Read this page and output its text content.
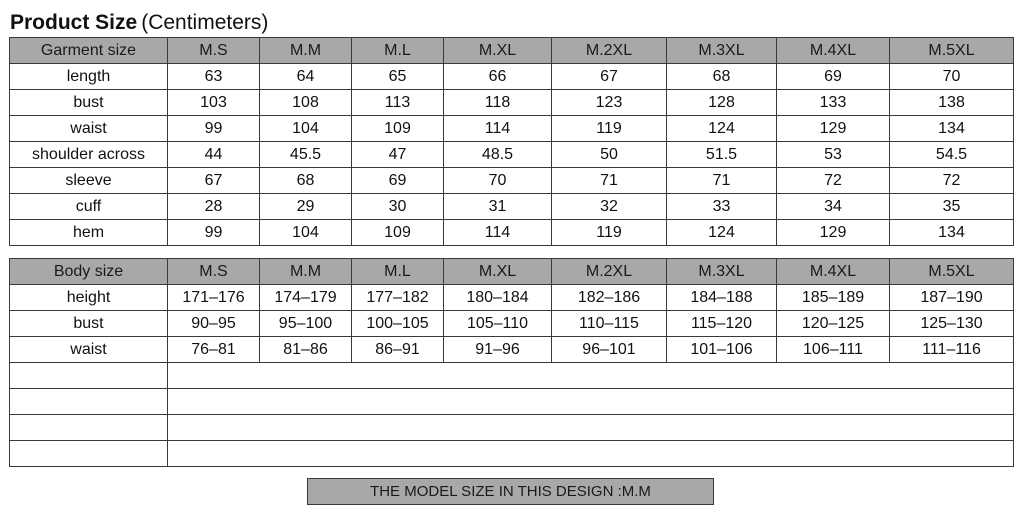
Product Size (Centimeters)
Garment size	M.S	M.M	M.L	M.XL	M.2XL	M.3XL	M.4XL	M.5XL
length	63	64	65	66	67	68	69	70
bust	103	108	113	118	123	128	133	138
waist	99	104	109	114	119	124	129	134
shoulder across	44	45.5	47	48.5	50	51.5	53	54.5
sleeve	67	68	69	70	71	71	72	72
cuff	28	29	30	31	32	33	34	35
hem	99	104	109	114	119	124	129	134
Body size	M.S	M.M	M.L	M.XL	M.2XL	M.3XL	M.4XL	M.5XL
height	171–176	174–179	177–182	180–184	182–186	184–188	185–189	187–190
bust	90–95	95–100	100–105	105–110	110–115	115–120	120–125	125–130
waist	76–81	81–86	86–91	91–96	96–101	101–106	106–111	111–116

THE MODEL SIZE IN THIS DESIGN :M.M
